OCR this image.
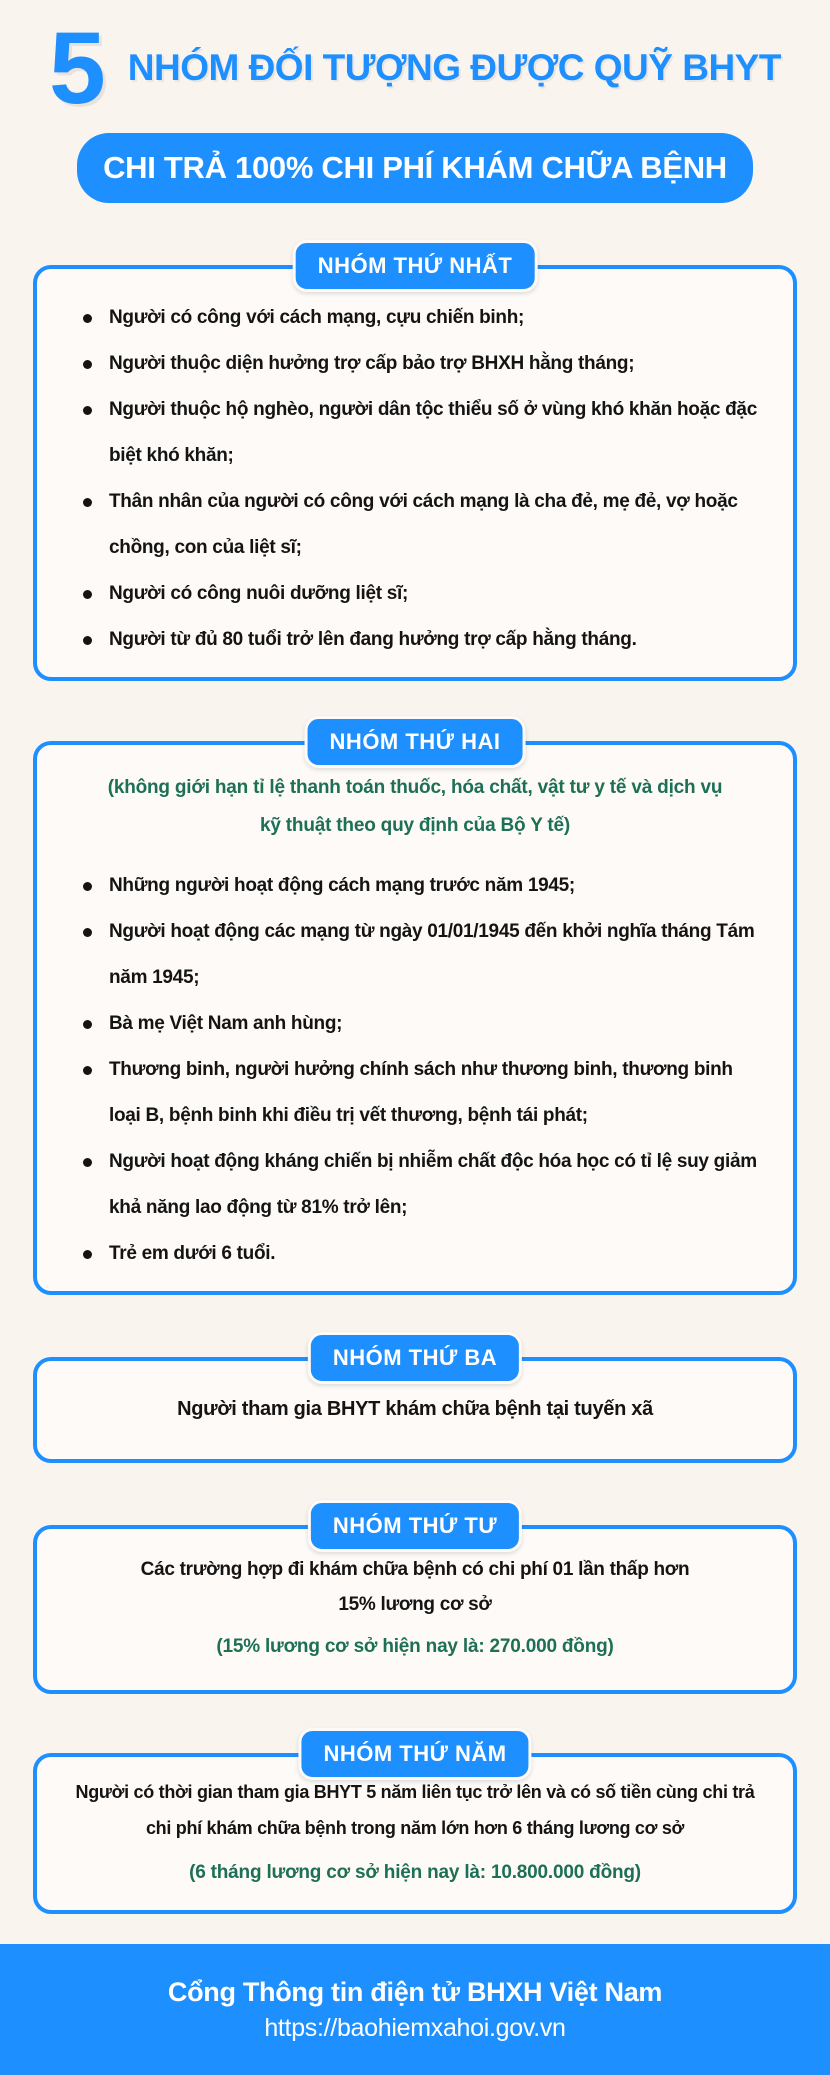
5 NHÓM ĐỐI TƯỢNG ĐƯỢC QUỸ BHYT
CHI TRẢ 100% CHI PHÍ KHÁM CHỮA BỆNH
NHÓM THỨ NHẤT
Người có công với cách mạng, cựu chiến binh;
Người thuộc diện hưởng trợ cấp bảo trợ BHXH hằng tháng;
Người thuộc hộ nghèo, người dân tộc thiểu số ở vùng khó khăn hoặc đặc biệt khó khăn;
Thân nhân của người có công với cách mạng là cha đẻ, mẹ đẻ, vợ hoặc chồng, con của liệt sĩ;
Người có công nuôi dưỡng liệt sĩ;
Người từ đủ 80 tuổi trở lên đang hưởng trợ cấp hằng tháng.
NHÓM THỨ HAI

(không giới hạn tỉ lệ thanh toán thuốc, hóa chất, vật tư y tế và dịch vụ kỹ thuật theo quy định của Bộ Y tế)

Những người hoạt động cách mạng trước năm 1945;
Người hoạt động các mạng từ ngày 01/01/1945 đến khởi nghĩa tháng Tám năm 1945;
Bà mẹ Việt Nam anh hùng;
Thương binh, người hưởng chính sách như thương binh, thương binh loại B, bệnh binh khi điều trị vết thương, bệnh tái phát;
Người hoạt động kháng chiến bị nhiễm chất độc hóa học có tỉ lệ suy giảm khả năng lao động từ 81% trở lên;
Trẻ em dưới 6 tuổi.
NHÓM THỨ BA

Người tham gia BHYT khám chữa bệnh tại tuyến xã

NHÓM THỨ TƯ

Các trường hợp đi khám chữa bệnh có chi phí 01 lần thấp hơn 15% lương cơ sở

(15% lương cơ sở hiện nay là: 270.000 đồng)

NHÓM THỨ NĂM

Người có thời gian tham gia BHYT 5 năm liên tục trở lên và có số tiền cùng chi trả chi phí khám chữa bệnh trong năm lớn hơn 6 tháng lương cơ sở

(6 tháng lương cơ sở hiện nay là: 10.800.000 đồng)

Cổng Thông tin điện tử BHXH Việt Nam
https://baohiemxahoi.gov.vn
